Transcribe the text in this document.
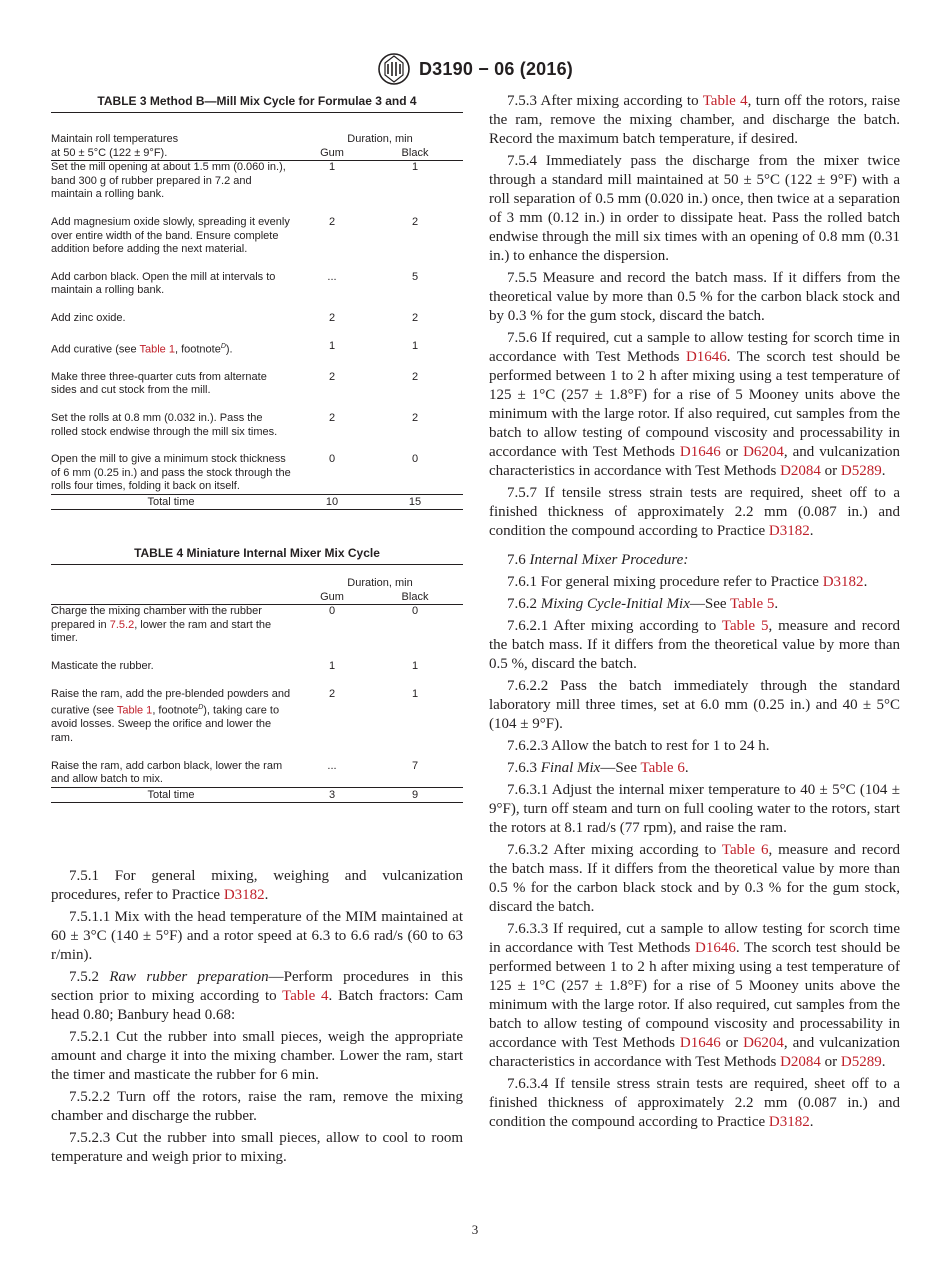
D3190 − 06 (2016)
TABLE 3 Method B—Mill Mix Cycle for Formulae 3 and 4
Maintain roll temperatures	Duration, min	
at 50 ± 5°C (122 ± 9°F).	Gum	Black
Set the mill opening at about 1.5 mm (0.060 in.), band 300 g of rubber prepared in 7.2 and maintain a rolling bank.	1	1
Add magnesium oxide slowly, spreading it evenly over entire width of the band. Ensure complete addition before adding the next material.	2	2
Add carbon black. Open the mill at intervals to maintain a rolling bank.	...	5
Add zinc oxide.	2	2
Add curative (see Table 1, footnote$^D$).	1	1
Make three three-quarter cuts from alternate sides and cut stock from the mill.	2	2
Set the rolls at 0.8 mm (0.032 in.). Pass the rolled stock endwise through the mill six times.	2	2
Open the mill to give a minimum stock thickness of 6 mm (0.25 in.) and pass the stock through the rolls four times, folding it back on itself.	0	0
Total time	10	15
TABLE 4 Miniature Internal Mixer Mix Cycle
	Duration, min	
	Gum	Black
Charge the mixing chamber with the rubber prepared in 7.5.2, lower the ram and start the timer.	0	0
Masticate the rubber.	1	1
Raise the ram, add the pre-blended powders and curative (see Table 1, footnote$^D$), taking care to avoid losses. Sweep the orifice and lower the ram.	2	1
Raise the ram, add carbon black, lower the ram and allow batch to mix.	...	7
Total time	3	9

7.5.1 For general mixing, weighing and vulcanization procedures, refer to Practice D3182.

7.5.1.1 Mix with the head temperature of the MIM maintained at 60 ± 3°C (140 ± 5°F) and a rotor speed at 6.3 to 6.6 rad/s (60 to 63 r/min).

7.5.2 Raw rubber preparation—Perform procedures in this section prior to mixing according to Table 4. Batch fractors: Cam head 0.80; Banbury head 0.68:

7.5.2.1 Cut the rubber into small pieces, weigh the appropriate amount and charge it into the mixing chamber. Lower the ram, start the timer and masticate the rubber for 6 min.

7.5.2.2 Turn off the rotors, raise the ram, remove the mixing chamber and discharge the rubber.

7.5.2.3 Cut the rubber into small pieces, allow to cool to room temperature and weigh prior to mixing.

7.5.3 After mixing according to Table 4, turn off the rotors, raise the ram, remove the mixing chamber, and discharge the batch. Record the maximum batch temperature, if desired.

7.5.4 Immediately pass the discharge from the mixer twice through a standard mill maintained at 50 ± 5°C (122 ± 9°F) with a roll separation of 0.5 mm (0.020 in.) once, then twice at a separation of 3 mm (0.12 in.) in order to dissipate heat. Pass the rolled batch endwise through the mill six times with an opening of 0.8 mm (0.31 in.) to enhance the dispersion.

7.5.5 Measure and record the batch mass. If it differs from the theoretical value by more than 0.5 % for the carbon black stock and by 0.3 % for the gum stock, discard the batch.

7.5.6 If required, cut a sample to allow testing for scorch time in accordance with Test Methods D1646. The scorch test should be performed between 1 to 2 h after mixing using a test temperature of 125 ± 1°C (257 ± 1.8°F) for a rise of 5 Mooney units above the minimum with the large rotor. If also required, cut samples from the batch to allow testing of compound viscosity and processability in accordance with Test Methods D1646 or D6204, and vulcanization characteristics in accordance with Test Methods D2084 or D5289.

7.5.7 If tensile stress strain tests are required, sheet off to a finished thickness of approximately 2.2 mm (0.087 in.) and condition the compound according to Practice D3182.

7.6 Internal Mixer Procedure:

7.6.1 For general mixing procedure refer to Practice D3182.

7.6.2 Mixing Cycle-Initial Mix—See Table 5.

7.6.2.1 After mixing according to Table 5, measure and record the batch mass. If it differs from the theoretical value by more than 0.5 %, discard the batch.

7.6.2.2 Pass the batch immediately through the standard laboratory mill three times, set at 6.0 mm (0.25 in.) and 40 ± 5°C (104 ± 9°F).

7.6.2.3 Allow the batch to rest for 1 to 24 h.

7.6.3 Final Mix—See Table 6.

7.6.3.1 Adjust the internal mixer temperature to 40 ± 5°C (104 ± 9°F), turn off steam and turn on full cooling water to the rotors, start the rotors at 8.1 rad/s (77 rpm), and raise the ram.

7.6.3.2 After mixing according to Table 6, measure and record the batch mass. If it differs from the theoretical value by more than 0.5 % for the carbon black stock and by 0.3 % for the gum stock, discard the batch.

7.6.3.3 If required, cut a sample to allow testing for scorch time in accordance with Test Methods D1646. The scorch test should be performed between 1 to 2 h after mixing using a test temperature of 125 ± 1°C (257 ± 1.8°F) for a rise of 5 Mooney units above the minimum with the large rotor. If also required, cut samples from the batch to allow testing of compound viscosity and processability in accordance with Test Methods D1646 or D6204, and vulcanization characteristics in accordance with Test Methods D2084 or D5289.

7.6.3.4 If tensile stress strain tests are required, sheet off to a finished thickness of approximately 2.2 mm (0.087 in.) and condition the compound according to Practice D3182.

3
